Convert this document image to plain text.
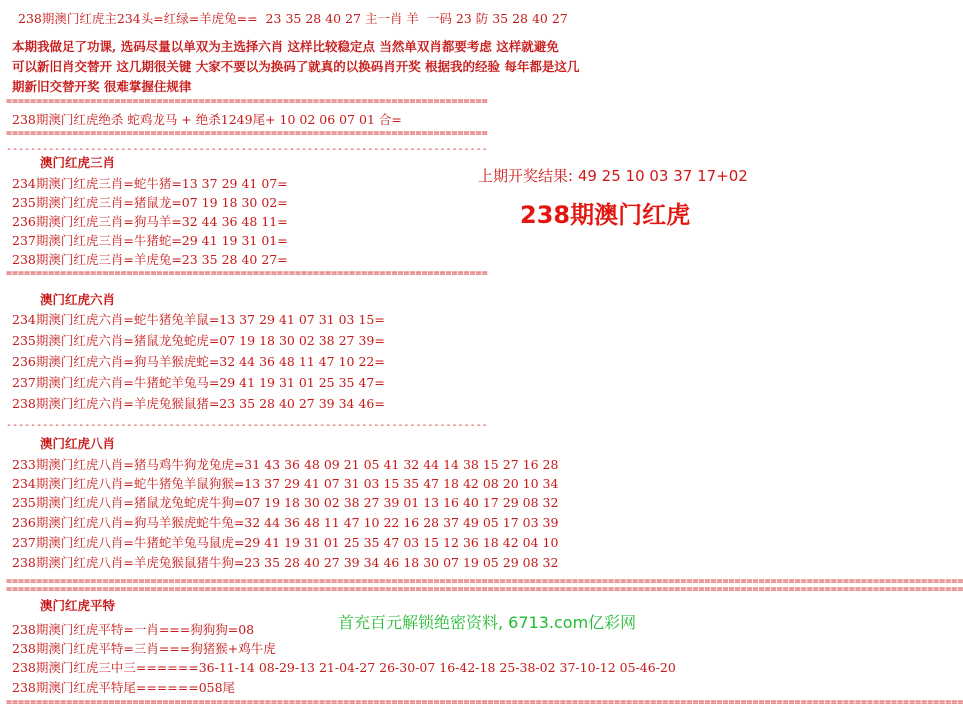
238期澳门红虎主234头=红绿=羊虎兔==  23 35 28 40 27 主一肖 羊  一码 23 防 35 28 40 27
本期我做足了功课, 选码尽量以单双为主选择六肖 这样比较稳定点 当然单双肖都要考虑 这样就避免
可以新旧肖交替开 这几期很关键 大家不要以为换码了就真的以换码肖开奖 根据我的经验 每年都是这几
期新旧交替开奖 很难掌握住规律
================================================================================
238期澳门红虎绝杀 蛇鸡龙马 + 绝杀1249尾+ 10 02 06 07 01 合=
================================================================================
--------------------------------------------------------------------------------
上期开奖结果: 49 25 10 03 37 17+02
238期澳门红虎
澳门红虎三肖
234期澳门红虎三肖=蛇牛猪=13 37 29 41 07=
235期澳门红虎三肖=猪鼠龙=07 19 18 30 02=
236期澳门红虎三肖=狗马羊=32 44 36 48 11=
237期澳门红虎三肖=牛猪蛇=29 41 19 31 01=
238期澳门红虎三肖=羊虎兔=23 35 28 40 27=
================================================================================
澳门红虎六肖
234期澳门红虎六肖=蛇牛猪兔羊鼠=13 37 29 41 07 31 03 15=
235期澳门红虎六肖=猪鼠龙兔蛇虎=07 19 18 30 02 38 27 39=
236期澳门红虎六肖=狗马羊猴虎蛇=32 44 36 48 11 47 10 22=
237期澳门红虎六肖=牛猪蛇羊兔马=29 41 19 31 01 25 35 47=
238期澳门红虎六肖=羊虎兔猴鼠猪=23 35 28 40 27 39 34 46=
--------------------------------------------------------------------------------
澳门红虎八肖
233期澳门红虎八肖=猪马鸡牛狗龙兔虎=31 43 36 48 09 21 05 41 32 44 14 38 15 27 16 28
234期澳门红虎八肖=蛇牛猪兔羊鼠狗猴=13 37 29 41 07 31 03 15 35 47 18 42 08 20 10 34
235期澳门红虎八肖=猪鼠龙兔蛇虎牛狗=07 19 18 30 02 38 27 39 01 13 16 40 17 29 08 32
236期澳门红虎八肖=狗马羊猴虎蛇牛兔=32 44 36 48 11 47 10 22 16 28 37 49 05 17 03 39
237期澳门红虎八肖=牛猪蛇羊兔马鼠虎=29 41 19 31 01 25 35 47 03 15 12 36 18 42 04 10
238期澳门红虎八肖=羊虎兔猴鼠猪牛狗=23 35 28 40 27 39 34 46 18 30 07 19 05 29 08 32
===============================================================================================================================================================
===============================================================================================================================================================
澳门红虎平特
238期澳门红虎平特=一肖===狗狗狗=08
238期澳门红虎平特=三肖===狗猪猴+鸡牛虎
238期澳门红虎三中三======36-11-14 08-29-13 21-04-27 26-30-07 16-42-18 25-38-02 37-10-12 05-46-20
238期澳门红虎平特尾======058尾
===============================================================================================================================================================
首充百元解锁绝密资料, 6713.com亿彩网
